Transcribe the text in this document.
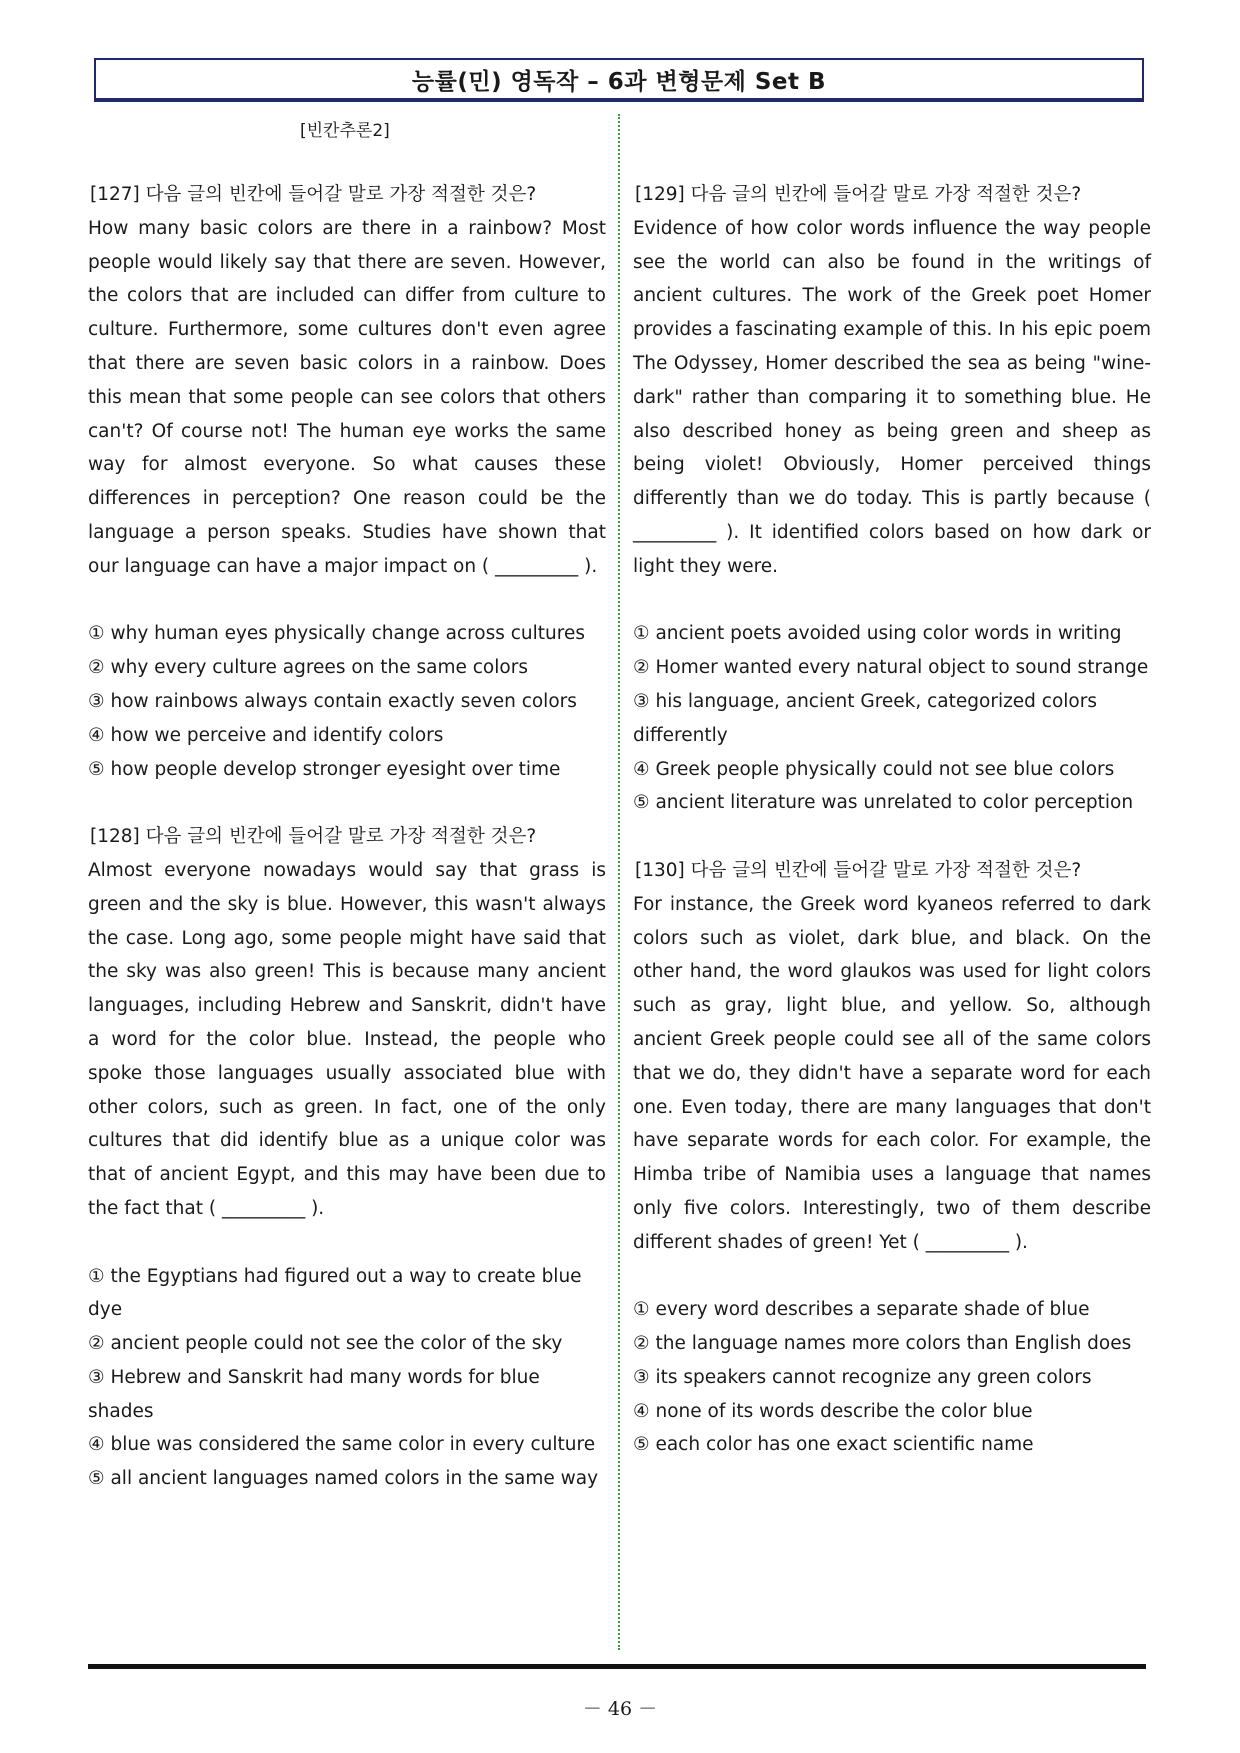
능률(민) 영독작 – 6과 변형문제 Set B
[빈칸추론2]
[127] 다음 글의 빈칸에 들어갈 말로 가장 적절한 것은?
How many basic colors are there in a rainbow? Most people would likely say that there are seven. However, the colors that are included can differ from culture to culture. Furthermore, some cultures don't even agree that there are seven basic colors in a rainbow. Does this mean that some people can see colors that others can't? Of course not! The human eye works the same way for almost everyone. So what causes these differences in perception? One reason could be the language a person speaks. Studies have shown that our language can have a major impact on ( _________ ).
① why human eyes physically change across cultures
② why every culture agrees on the same colors
③ how rainbows always contain exactly seven colors
④ how we perceive and identify colors
⑤ how people develop stronger eyesight over time
[128] 다음 글의 빈칸에 들어갈 말로 가장 적절한 것은?
Almost everyone nowadays would say that grass is green and the sky is blue. However, this wasn't always the case. Long ago, some people might have said that the sky was also green! This is because many ancient languages, including Hebrew and Sanskrit, didn't have a word for the color blue. Instead, the people who spoke those languages usually associated blue with other colors, such as green. In fact, one of the only cultures that did identify blue as a unique color was that of ancient Egypt, and this may have been due to the fact that ( _________ ).
① the Egyptians had figured out a way to create blue dye
② ancient people could not see the color of the sky
③ Hebrew and Sanskrit had many words for blue shades
④ blue was considered the same color in every culture
⑤ all ancient languages named colors in the same way
[129] 다음 글의 빈칸에 들어갈 말로 가장 적절한 것은?
Evidence of how color words influence the way people see the world can also be found in the writings of ancient cultures. The work of the Greek poet Homer provides a fascinating example of this. In his epic poem The Odyssey, Homer described the sea as being "wine-dark" rather than comparing it to something blue. He also described honey as being green and sheep as being violet! Obviously, Homer perceived things differently than we do today. This is partly because ( _________ ). It identified colors based on how dark or light they were.
① ancient poets avoided using color words in writing
② Homer wanted every natural object to sound strange
③ his language, ancient Greek, categorized colors differently
④ Greek people physically could not see blue colors
⑤ ancient literature was unrelated to color perception
[130] 다음 글의 빈칸에 들어갈 말로 가장 적절한 것은?
For instance, the Greek word kyaneos referred to dark colors such as violet, dark blue, and black. On the other hand, the word glaukos was used for light colors such as gray, light blue, and yellow. So, although ancient Greek people could see all of the same colors that we do, they didn't have a separate word for each one. Even today, there are many languages that don't have separate words for each color. For example, the Himba tribe of Namibia uses a language that names only five colors. Interestingly, two of them describe different shades of green! Yet ( _________ ).
① every word describes a separate shade of blue
② the language names more colors than English does
③ its speakers cannot recognize any green colors
④ none of its words describe the color blue
⑤ each color has one exact scientific name
－ 46 －
